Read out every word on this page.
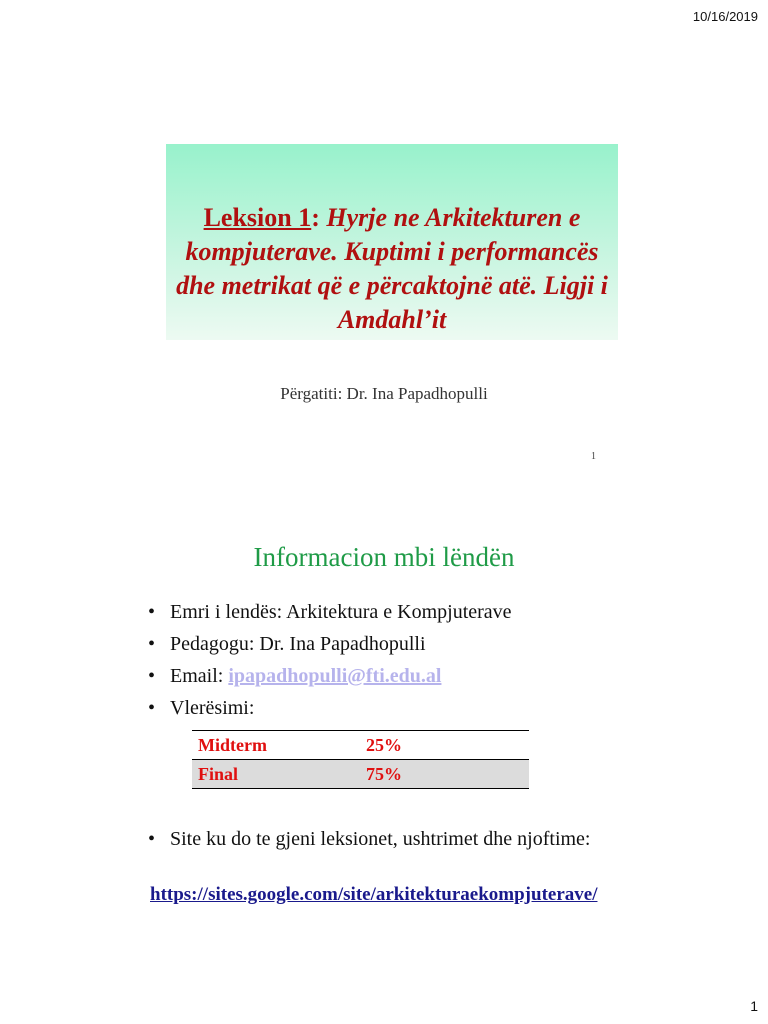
10/16/2019
Leksion 1: Hyrje ne Arkitekturen e kompjuterave. Kuptimi i performancës dhe metrikat që e përcaktojnë atë. Ligji i Amdahl’it
Përgatiti: Dr. Ina Papadhopulli
1
Informacion mbi lëndën
• Emri i lendës: Arkitektura e Kompjuterave
• Pedagogu: Dr. Ina Papadhopulli
• Email: ipapadhopulli@fti.edu.al
• Vlerësimi:
Midterm	25%
Final	75%
• Site ku do te gjeni leksionet, ushtrimet dhe njoftime:
https://sites.google.com/site/arkitekturaekompjuterave/
1
